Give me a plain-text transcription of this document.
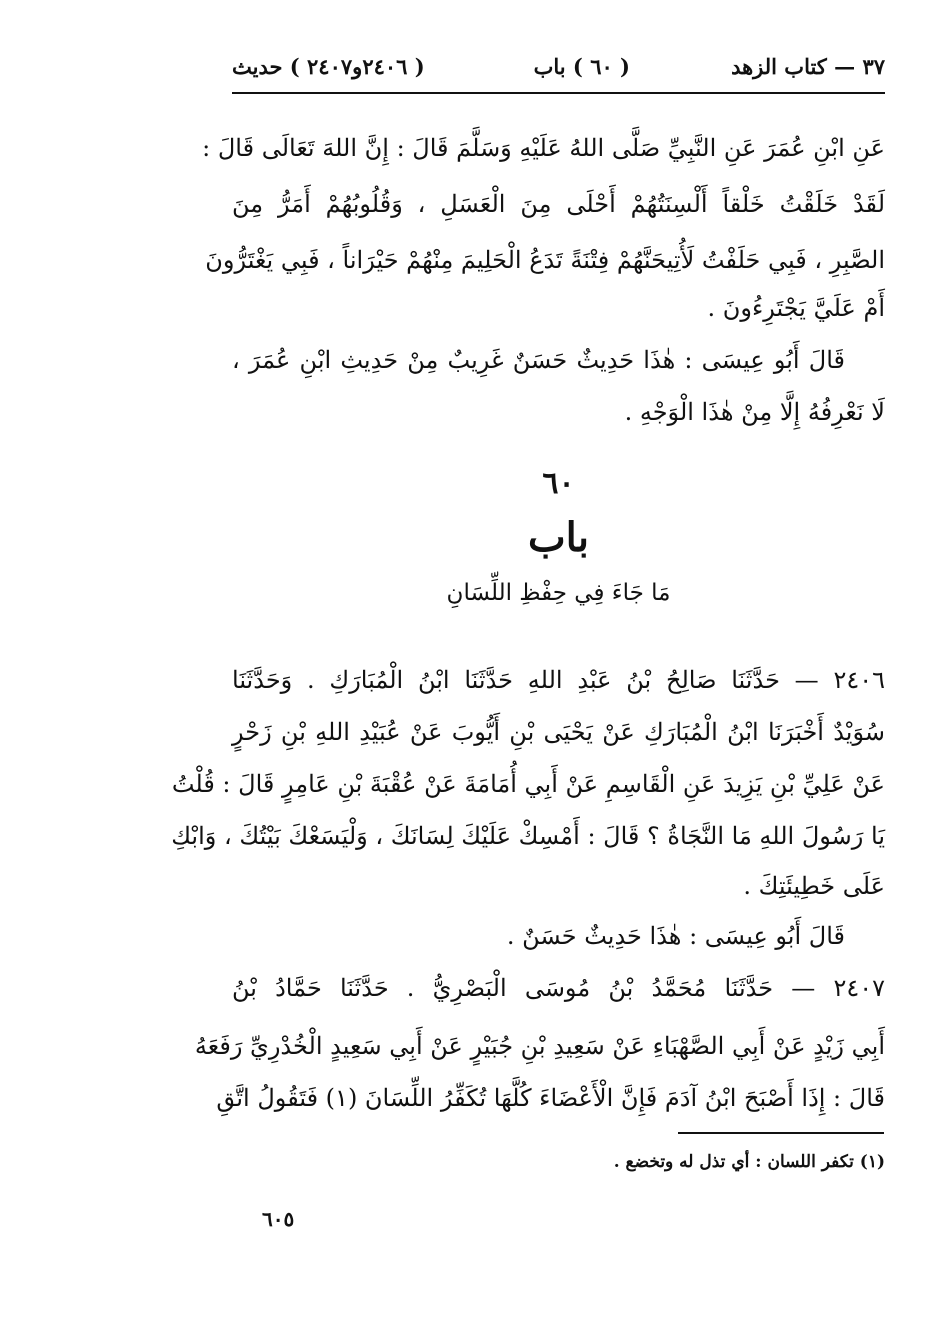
٣٧ — كتاب الزهد
( ٦٠ ) باب
( ٢٤٠٦و٢٤٠٧ ) حديث
عَنِ ابْنِ عُمَرَ عَنِ النَّبِيِّ صَلَّى اللهُ عَلَيْهِ وَسَلَّمَ قَالَ : إِنَّ اللهَ تَعَالَى قَالَ :
لَقَدْ خَلَقْتُ خَلْقاً أَلْسِنَتُهُمْ أَحْلَى مِنَ الْعَسَلِ ، وَقُلُوبُهُمْ أَمَرُّ مِنَ
الصَّبِرِ ، فَبِي حَلَفْتُ لَأُتِيحَنَّهُمْ فِتْنَةً تَدَعُ الْحَلِيمَ مِنْهُمْ حَيْرَاناً ، فَبِي يَغْتَرُّونَ
أَمْ عَلَيَّ يَجْتَرِءُونَ .
قَالَ أَبُو عِيسَى : هٰذَا حَدِيثٌ حَسَنٌ غَرِيبٌ مِنْ حَدِيثِ ابْنِ عُمَرَ ،
لَا نَعْرِفُهُ إِلَّا مِنْ هٰذَا الْوَجْهِ .
٦٠
باب
مَا جَاءَ فِي حِفْظِ اللِّسَانِ
٢٤٠٦ — حَدَّثَنَا صَالِحُ بْنُ عَبْدِ اللهِ حَدَّثَنَا ابْنُ الْمُبَارَكِ . وَحَدَّثَنَا
سُوَيْدٌ أَخْبَرَنَا ابْنُ الْمُبَارَكِ عَنْ يَحْيَى بْنِ أَيُّوبَ عَنْ عُبَيْدِ اللهِ بْنِ زَحْرٍ
عَنْ عَلِيِّ بْنِ يَزِيدَ عَنِ الْقَاسِمِ عَنْ أَبِي أُمَامَةَ عَنْ عُقْبَةَ بْنِ عَامِرٍ قَالَ : قُلْتُ
يَا رَسُولَ اللهِ مَا النَّجَاةُ ؟ قَالَ : أَمْسِكْ عَلَيْكَ لِسَانَكَ ، وَلْيَسَعْكَ بَيْتُكَ ، وَابْكِ
عَلَى خَطِيئَتِكَ .
قَالَ أَبُو عِيسَى : هٰذَا حَدِيثٌ حَسَنٌ .
٢٤٠٧ — حَدَّثَنَا مُحَمَّدُ بْنُ مُوسَى الْبَصْرِيُّ . حَدَّثَنَا حَمَّادُ بْنُ
أَبِي زَيْدٍ عَنْ أَبِي الصَّهْبَاءِ عَنْ سَعِيدِ بْنِ جُبَيْرٍ عَنْ أَبِي سَعِيدٍ الْخُدْرِيِّ رَفَعَهُ
قَالَ : إِذَا أَصْبَحَ ابْنُ آدَمَ فَإِنَّ الْأَعْضَاءَ كُلَّهَا تُكَفِّرُ اللِّسَانَ (١) فَتَقُولُ اتَّقِ
(١) تكفر اللسان : أي تذل له وتخضع .
٦٠٥
